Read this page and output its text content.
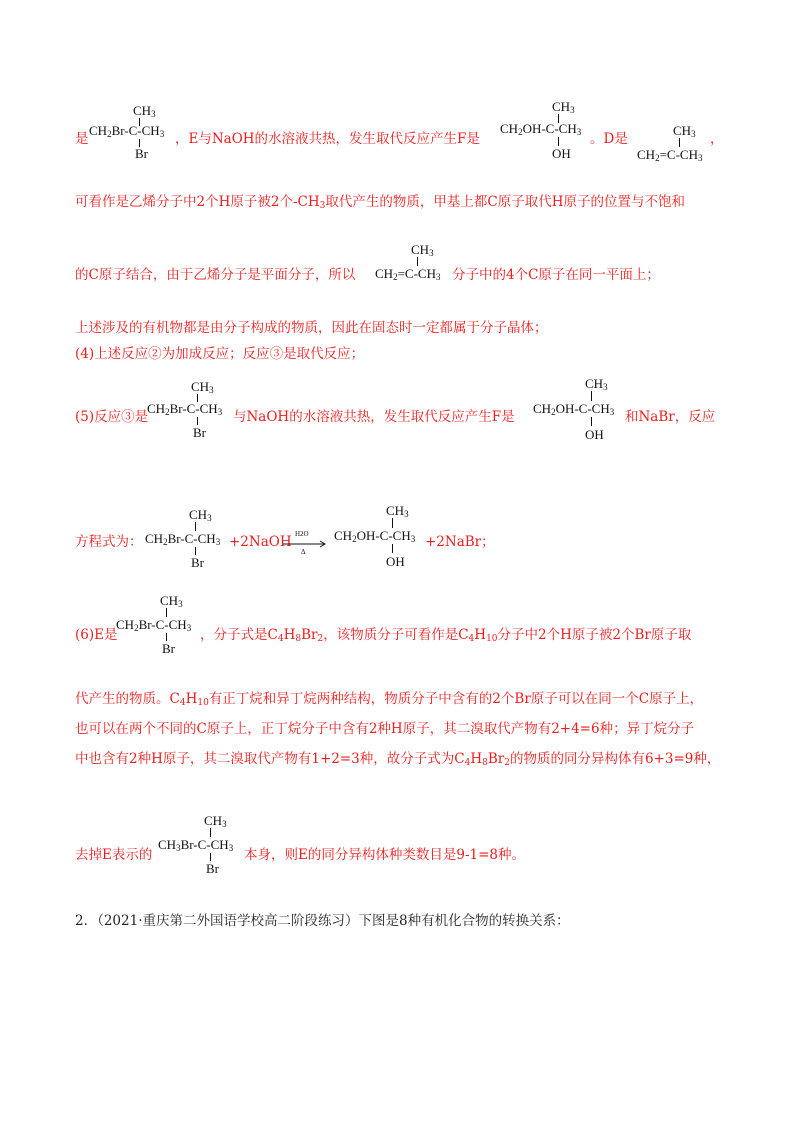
是
$CH_3$
$CH_2Br-C-CH_3$
Br
，E与NaOH的水溶液共热，发生取代反应产生F是
$CH_3$
$CH_2OH-C-CH_3$
OH
。D是
$CH_3$
$CH_2=C-CH_3$
，
可看作是乙烯分子中2个H原子被2个$-CH_3$取代产生的物质，甲基上都C原子取代H原子的位置与不饱和
的C原子结合，由于乙烯分子是平面分子，所以
$CH_3$
$CH_2=C-CH_3$ 分子中的4个C原子在同一平面上；
上述涉及的有机物都是由分子构成的物质，因此在固态时一定都属于分子晶体；
(4)上述反应②为加成反应；反应③是取代反应；
(5)反应③是
$CH_3$
$CH_2Br-C-CH_3$
Br
与NaOH的水溶液共热，发生取代反应产生F是
$CH_3$
$CH_2OH-C-CH_3$
OH
和NaBr，反应
方程式为：
$CH_3$
$CH_2Br-C-CH_3$
Br
+2NaOH H2O
Δ
$CH_3$
$CH_2OH-C-CH_3$
OH
+2NaBr；
(6)E是
$CH_3$
$CH_2Br-C-CH_3$
Br
，分子式是$C_4H_8Br_2$，该物质分子可看作是$C_4H_{10}$分子中2个H原子被2个Br原子取
代产生的物质。$C_4H_{10}$有正丁烷和异丁烷两种结构，物质分子中含有的2个Br原子可以在同一个C原子上，
也可以在两个不同的C原子上，正丁烷分子中含有2种H原子，其二溴取代产物有2+4=6种；异丁烷分子
中也含有2种H原子，其二溴取代产物有1+2=3种，故分子式为$C_4H_8Br_2$的物质的同分异构体有6+3=9种，
去掉E表示的
$CH_3$
$CH_3Br-C-CH_3$
Br
本身，则E的同分异构体种类数目是9-1=8种。
2．（2021·重庆第二外国语学校高二阶段练习）下图是8种有机化合物的转换关系：
